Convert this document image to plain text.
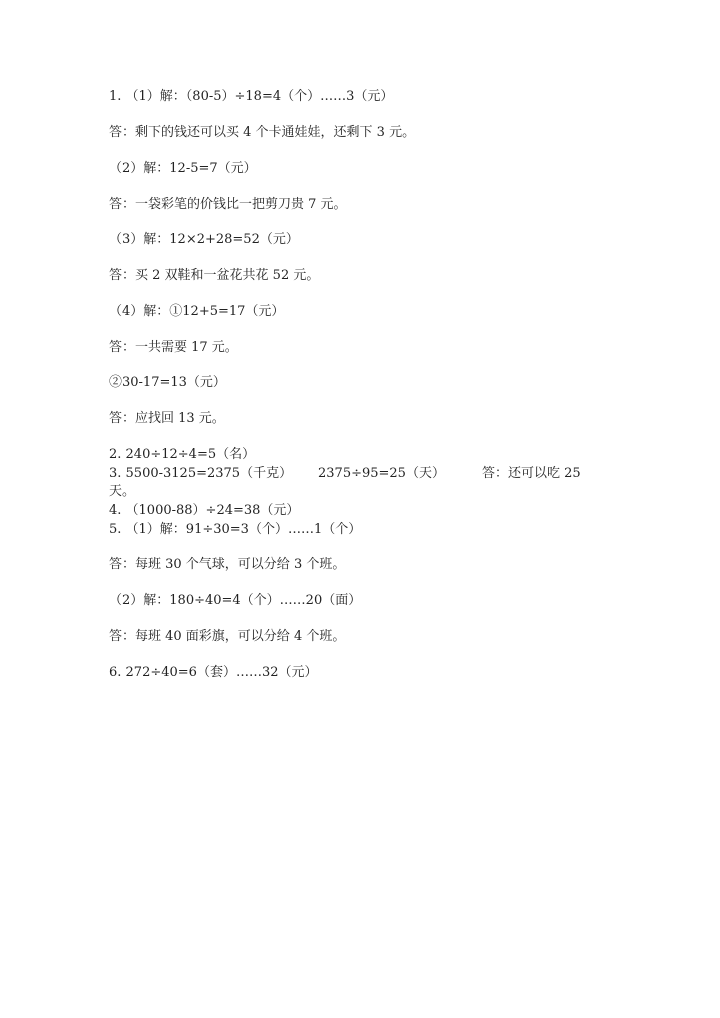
1. （1）解：（80-5）÷18=4（个）……3（元）
答：剩下的钱还可以买 4 个卡通娃娃，还剩下 3 元。
（2）解：12-5=7（元）
答：一袋彩笔的价钱比一把剪刀贵 7 元。
（3）解：12×2+28=52（元）
答：买 2 双鞋和一盆花共花 52 元。
（4）解：①12+5=17（元）
答：一共需要 17 元。
②30-17=13（元）
答：应找回 13 元。
2. 240÷12÷4=5（名）
3. 5500-3125=2375（千克） 2375÷95=25（天）	答：还可以吃 25
天。
4. （1000-88）÷24=38（元）
5. （1）解：91÷30=3（个）……1（个）
答：每班 30 个气球，可以分给 3 个班。
（2）解：180÷40=4（个）……20（面）
答：每班 40 面彩旗，可以分给 4 个班。
6. 272÷40=6（套）……32（元）
